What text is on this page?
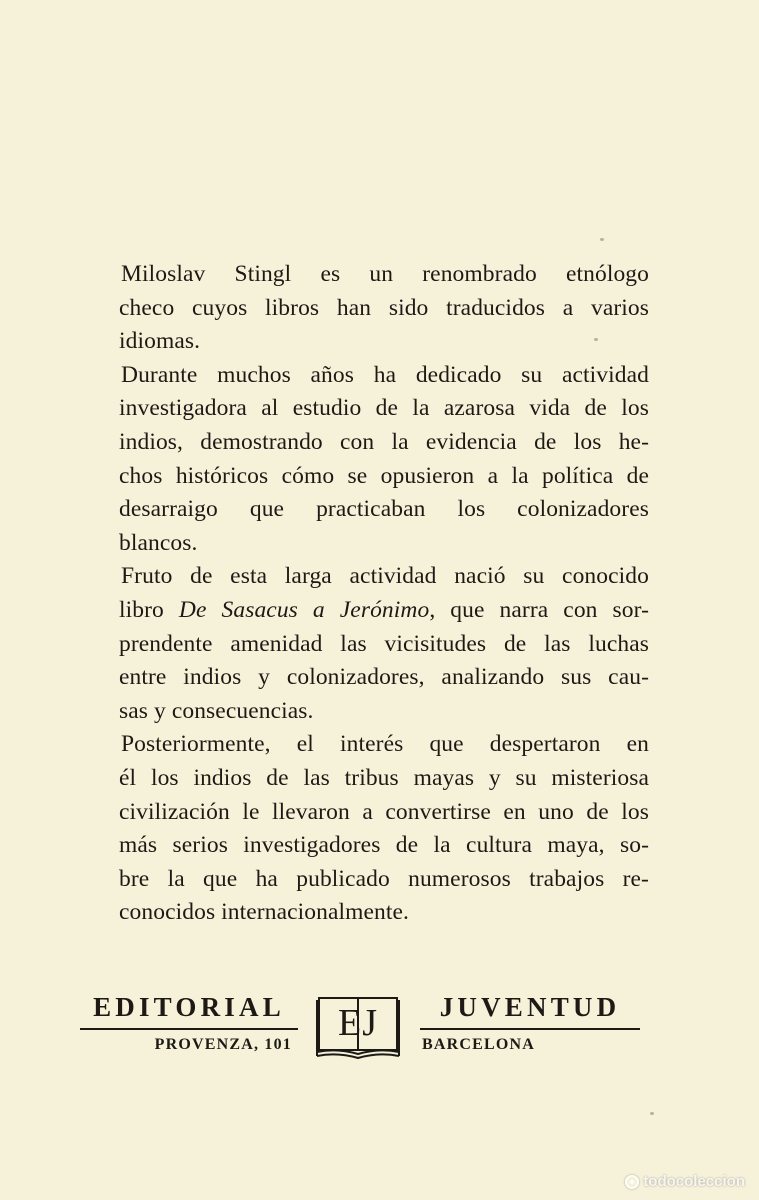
Miloslav Stingl es un renombrado etnólogo
checo cuyos libros han sido traducidos a varios
idiomas.
Durante muchos años ha dedicado su actividad
investigadora al estudio de la azarosa vida de los
indios, demostrando con la evidencia de los he-
chos históricos cómo se opusieron a la política de
desarraigo que practicaban los colonizadores
blancos.
Fruto de esta larga actividad nació su conocido
libro De Sasacus a Jerónimo, que narra con sor-
prendente amenidad las vicisitudes de las luchas
entre indios y colonizadores, analizando sus cau-
sas y consecuencias.
Posteriormente, el interés que despertaron en
él los indios de las tribus mayas y su misteriosa
civilización le llevaron a convertirse en uno de los
más serios investigadores de la cultura maya, so-
bre la que ha publicado numerosos trabajos re-
conocidos internacionalmente.
EDITORIAL
PROVENZA, 101
EJ	JUVENTUD
BARCELONA
todocoleccion
